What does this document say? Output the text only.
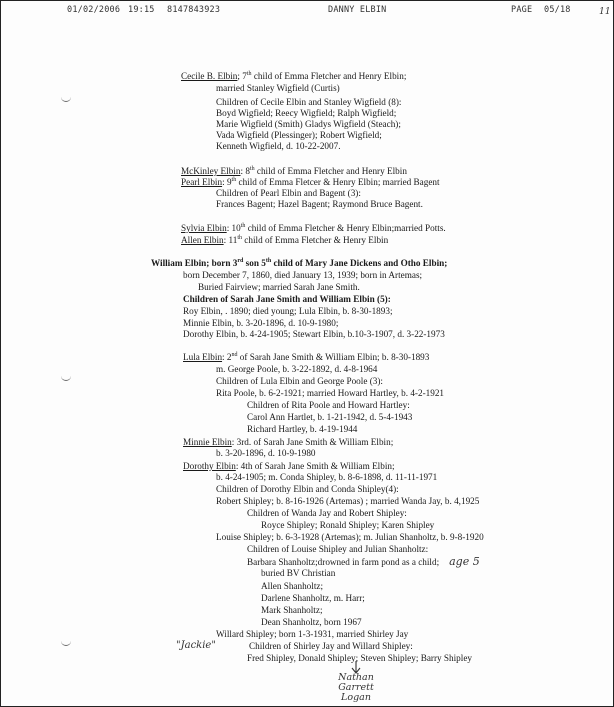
01/02/2006 19:15 8147843923	DANNY ELBIN	PAGE 05/18	11
Cecile B. Elbin; 7th child of Emma Fletcher and Henry Elbin;
married Stanley Wigfield (Curtis)
Children of Cecile Elbin and Stanley Wigfield (8):
Boyd Wigfield; Reecy Wigfield; Ralph Wigfield;
Marie Wigfield (Smith) Gladys Wigfield (Steach);
Vada Wigfield (Plessinger); Robert Wigfield;
Kenneth Wigfield, d. 10-22-2007.
McKinley Elbin: 8th child of Emma Fletcher and Henry Elbin
Pearl Elbin: 9th child of Emma Fletcer & Henry Elbin; married Bagent
Children of Pearl Elbin and Bagent (3):
Frances Bagent; Hazel Bagent; Raymond Bruce Bagent.
Sylvia Elbin: 10th child of Emma Fletcher & Henry Elbin;married Potts.
Allen Elbin: 11th child of Emma Fletcher & Henry Elbin
William Elbin; born 3rd son 5th child of Mary Jane Dickens and Otho Elbin;
born December 7, 1860, died January 13, 1939; born in Artemas;
Buried Fairview; married Sarah Jane Smith.
Children of Sarah Jane Smith and William Elbin (5):
Roy Elbin, . 1890; died young; Lula Elbin, b. 8-30-1893;
Minnie Elbin, b. 3-20-1896, d. 10-9-1980;
Dorothy Elbin, b. 4-24-1905; Stewart Elbin, b.10-3-1907, d. 3-22-1973
Lula Elbin: 2nd of Sarah Jane Smith & William Elbin; b. 8-30-1893
m. George Poole, b. 3-22-1892, d. 4-8-1964
Children of Lula Elbin and George Poole (3):
Rita Poole, b. 6-2-1921; married Howard Hartley, b. 4-2-1921
Children of Rita Poole and Howard Hartley:
Carol Ann Hartlet, b. 1-21-1942, d. 5-4-1943
Richard Hartley, b. 4-19-1944
Minnie Elbin: 3rd. of Sarah Jane Smith & William Elbin;
b. 3-20-1896, d. 10-9-1980
Dorothy Elbin: 4th of Sarah Jane Smith & William Elbin;
b. 4-24-1905; m. Conda Shipley, b. 8-6-1898, d. 11-11-1971
Children of Dorothy Elbin and Conda Shipley(4):
Robert Shipley; b. 8-16-1926 (Artemas) ; married Wanda Jay, b. 4,1925
Children of Wanda Jay and Robert Shipley:
Royce Shipley; Ronald Shipley; Karen Shipley
Louise Shipley; b. 6-3-1928 (Artemas); m. Julian Shanholtz, b. 9-8-1920
Children of Louise Shipley and Julian Shanholtz:
Barbara Shanholtz;drowned in farm pond as a child; age 5
buried BV Christian
Allen Shanholtz;
Darlene Shanholtz, m. Harr;
Mark Shanholtz;
Dean Shanholtz, born 1967
Willard Shipley; born 1-3-1931, married Shirley Jay
"Jackie"	Children of Shirley Jay and Willard Shipley:
Fred Shipley, Donald Shipley; Steven Shipley; Barry Shipley
Nathan
Garrett
Logan
